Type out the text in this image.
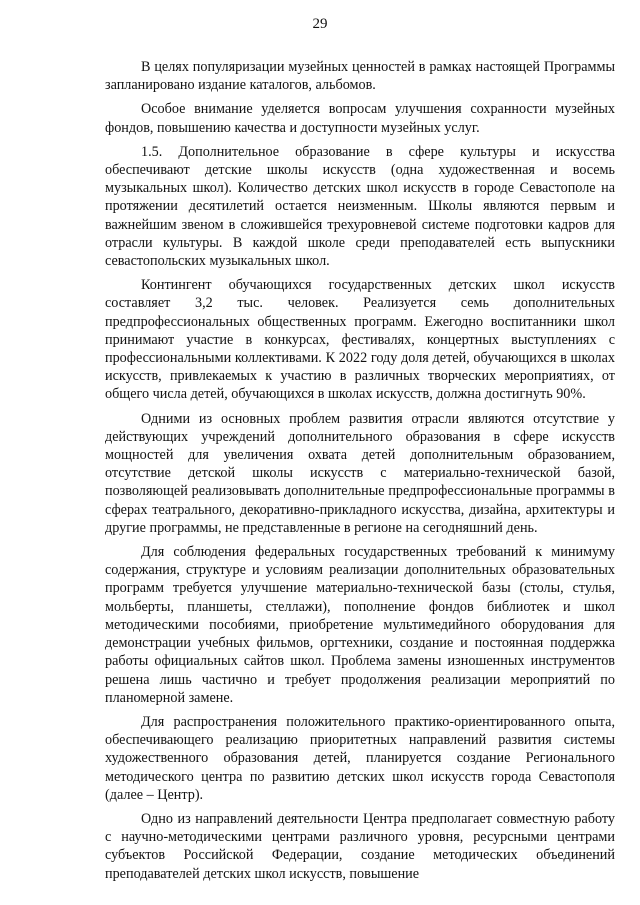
29

В целях популяризации музейных ценностей в рамках настоящей Программы запланировано издание каталогов, альбомов.

Особое внимание уделяется вопросам улучшения сохранности музейных фондов, повышению качества и доступности музейных услуг.

1.5. Дополнительное образование в сфере культуры и искусства обеспечивают детские школы искусств (одна художественная и восемь музыкальных школ). Количество детских школ искусств в городе Севастополе на протяжении десятилетий остается неизменным. Школы являются первым и важнейшим звеном в сложившейся трехуровневой системе подготовки кадров для отрасли культуры. В каждой школе среди преподавателей есть выпускники севастопольских музыкальных школ.

Контингент обучающихся государственных детских школ искусств составляет 3,2 тыс. человек. Реализуется семь дополнительных предпрофессиональных общественных программ. Ежегодно воспитанники школ принимают участие в конкурсах, фестивалях, концертных выступлениях с профессиональными коллективами. К 2022 году доля детей, обучающихся в школах искусств, привлекаемых к участию в различных творческих мероприятиях, от общего числа детей, обучающихся в школах искусств, должна достигнуть 90%.

Одними из основных проблем развития отрасли являются отсутствие у действующих учреждений дополнительного образования в сфере искусств мощностей для увеличения охвата детей дополнительным образованием, отсутствие детской школы искусств с материально-технической базой, позволяющей реализовывать дополнительные предпрофессиональные программы в сферах театрального, декоративно-прикладного искусства, дизайна, архитектуры и другие программы, не представленные в регионе на сегодняшний день.

Для соблюдения федеральных государственных требований к минимуму содержания, структуре и условиям реализации дополнительных образовательных программ требуется улучшение материально-технической базы (столы, стулья, мольберты, планшеты, стеллажи), пополнение фондов библиотек и школ методическими пособиями, приобретение мультимедийного оборудования для демонстрации учебных фильмов, оргтехники, создание и постоянная поддержка работы официальных сайтов школ. Проблема замены изношенных инструментов решена лишь частично и требует продолжения реализации мероприятий по планомерной замене.

Для распространения положительного практико-ориентированного опыта, обеспечивающего реализацию приоритетных направлений развития системы художественного образования детей, планируется создание Регионального методического центра по развитию детских школ искусств города Севастополя (далее – Центр).

Одно из направлений деятельности Центра предполагает совместную работу с научно-методическими центрами различного уровня, ресурсными центрами субъектов Российской Федерации, создание методических объединений преподавателей детских школ искусств, повышение
